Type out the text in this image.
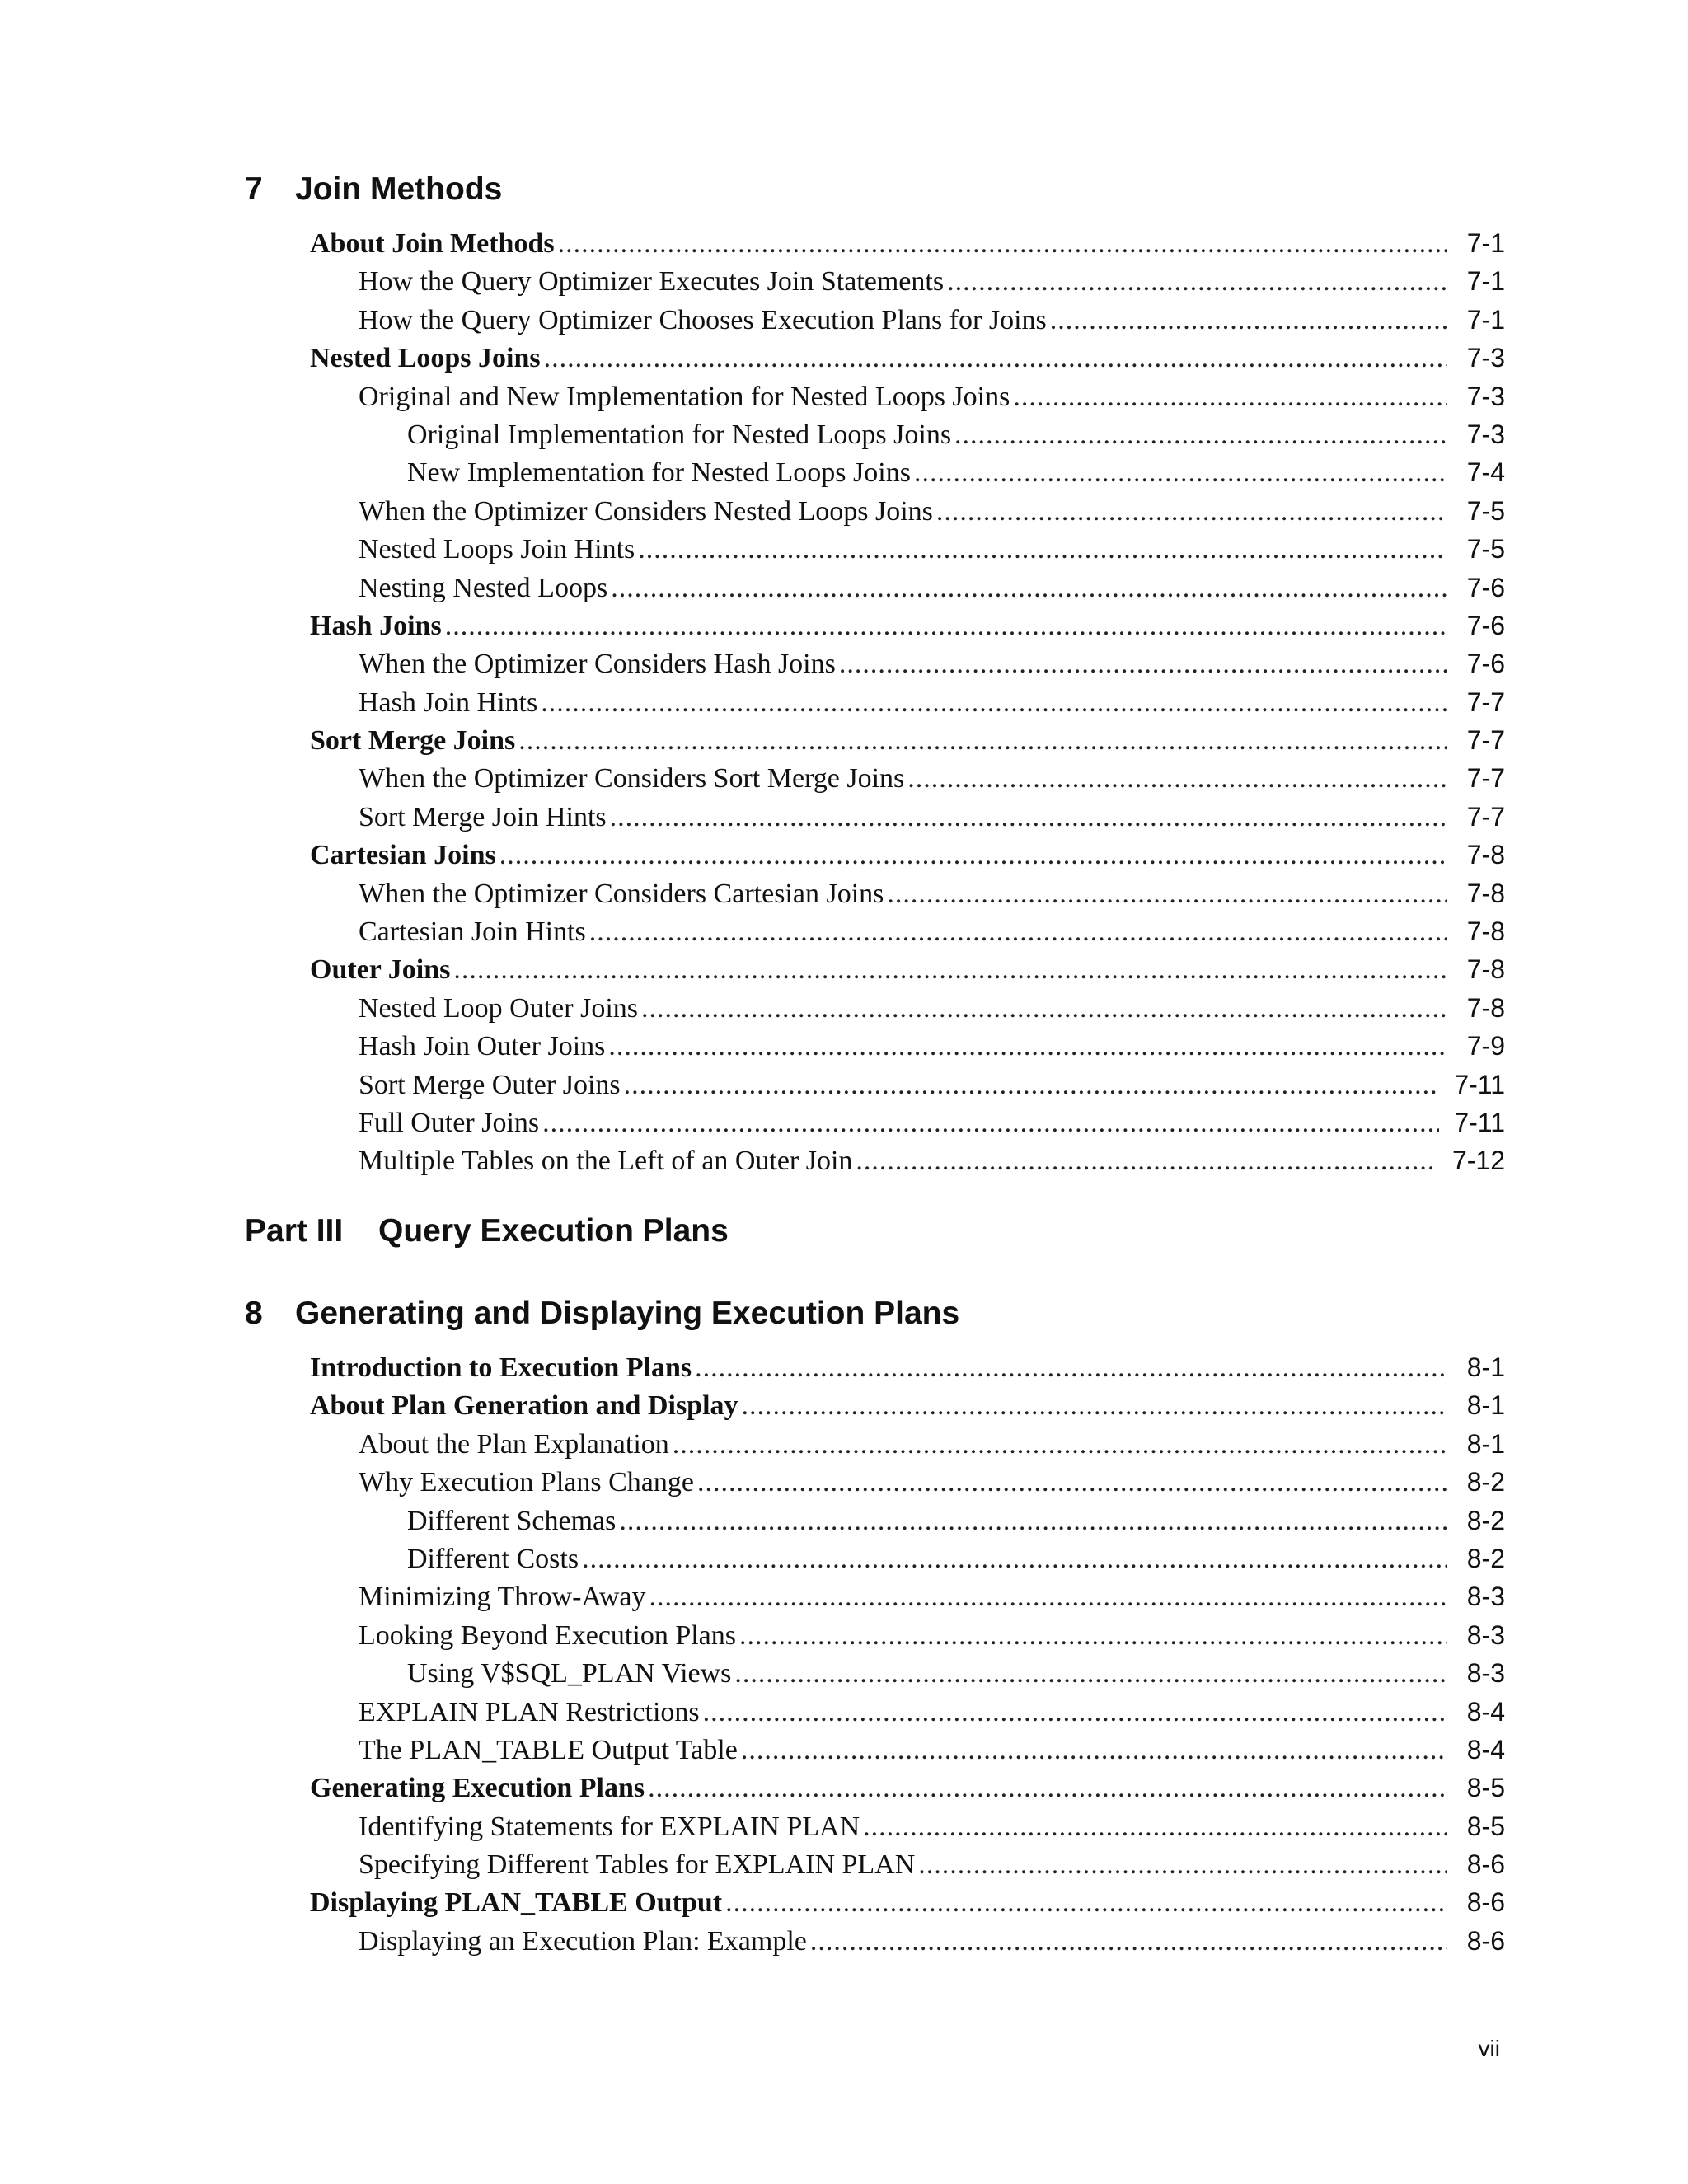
7 Join Methods
About Join Methods .....	7-1
How the Query Optimizer Executes Join Statements .....	7-1
How the Query Optimizer Chooses Execution Plans for Joins .....	7-1
Nested Loops Joins .....	7-3
Original and New Implementation for Nested Loops Joins .....	7-3
Original Implementation for Nested Loops Joins .....	7-3
New Implementation for Nested Loops Joins .....	7-4
When the Optimizer Considers Nested Loops Joins .....	7-5
Nested Loops Join Hints .....	7-5
Nesting Nested Loops .....	7-6
Hash Joins .....	7-6
When the Optimizer Considers Hash Joins .....	7-6
Hash Join Hints .....	7-7
Sort Merge Joins .....	7-7
When the Optimizer Considers Sort Merge Joins .....	7-7
Sort Merge Join Hints .....	7-7
Cartesian Joins .....	7-8
When the Optimizer Considers Cartesian Joins .....	7-8
Cartesian Join Hints .....	7-8
Outer Joins .....	7-8
Nested Loop Outer Joins .....	7-8
Hash Join Outer Joins .....	7-9
Sort Merge Outer Joins .....	7-11
Full Outer Joins .....	7-11
Multiple Tables on the Left of an Outer Join .....	7-12
Part III Query Execution Plans
8 Generating and Displaying Execution Plans
Introduction to Execution Plans .....	8-1
About Plan Generation and Display .....	8-1
About the Plan Explanation .....	8-1
Why Execution Plans Change .....	8-2
Different Schemas .....	8-2
Different Costs .....	8-2
Minimizing Throw-Away .....	8-3
Looking Beyond Execution Plans .....	8-3
Using V$SQL_PLAN Views .....	8-3
EXPLAIN PLAN Restrictions .....	8-4
The PLAN_TABLE Output Table .....	8-4
Generating Execution Plans .....	8-5
Identifying Statements for EXPLAIN PLAN .....	8-5
Specifying Different Tables for EXPLAIN PLAN .....	8-6
Displaying PLAN_TABLE Output .....	8-6
Displaying an Execution Plan: Example .....	8-6
vii
